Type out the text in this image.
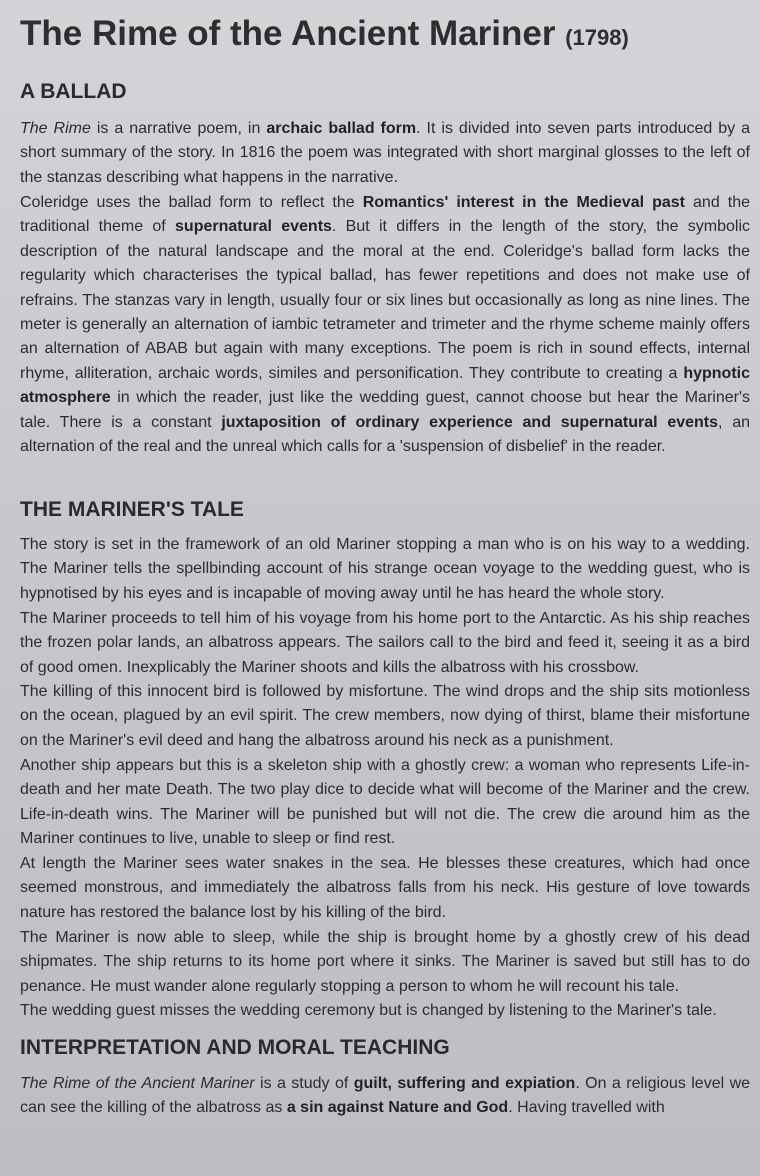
The Rime of the Ancient Mariner (1798)
A BALLAD
The Rime is a narrative poem, in archaic ballad form. It is divided into seven parts introduced by a short summary of the story. In 1816 the poem was integrated with short marginal glosses to the left of the stanzas describing what happens in the narrative.
Coleridge uses the ballad form to reflect the Romantics' interest in the Medieval past and the traditional theme of supernatural events. But it differs in the length of the story, the symbolic description of the natural landscape and the moral at the end. Coleridge's ballad form lacks the regularity which characterises the typical ballad, has fewer repetitions and does not make use of refrains. The stanzas vary in length, usually four or six lines but occasionally as long as nine lines. The meter is generally an alternation of iambic tetrameter and trimeter and the rhyme scheme mainly offers an alternation of ABAB but again with many exceptions. The poem is rich in sound effects, internal rhyme, alliteration, archaic words, similes and personification. They contribute to creating a hypnotic atmosphere in which the reader, just like the wedding guest, cannot choose but hear the Mariner's tale. There is a constant juxtaposition of ordinary experience and supernatural events, an alternation of the real and the unreal which calls for a 'suspension of disbelief' in the reader.
THE MARINER'S TALE
The story is set in the framework of an old Mariner stopping a man who is on his way to a wedding. The Mariner tells the spellbinding account of his strange ocean voyage to the wedding guest, who is hypnotised by his eyes and is incapable of moving away until he has heard the whole story.
The Mariner proceeds to tell him of his voyage from his home port to the Antarctic. As his ship reaches the frozen polar lands, an albatross appears. The sailors call to the bird and feed it, seeing it as a bird of good omen. Inexplicably the Mariner shoots and kills the albatross with his crossbow.
The killing of this innocent bird is followed by misfortune. The wind drops and the ship sits motionless on the ocean, plagued by an evil spirit. The crew members, now dying of thirst, blame their misfortune on the Mariner's evil deed and hang the albatross around his neck as a punishment.
Another ship appears but this is a skeleton ship with a ghostly crew: a woman who represents Life-in-death and her mate Death. The two play dice to decide what will become of the Mariner and the crew. Life-in-death wins. The Mariner will be punished but will not die. The crew die around him as the Mariner continues to live, unable to sleep or find rest.
At length the Mariner sees water snakes in the sea. He blesses these creatures, which had once seemed monstrous, and immediately the albatross falls from his neck. His gesture of love towards nature has restored the balance lost by his killing of the bird.
The Mariner is now able to sleep, while the ship is brought home by a ghostly crew of his dead shipmates. The ship returns to its home port where it sinks. The Mariner is saved but still has to do penance. He must wander alone regularly stopping a person to whom he will recount his tale.
The wedding guest misses the wedding ceremony but is changed by listening to the Mariner's tale.
INTERPRETATION AND MORAL TEACHING
The Rime of the Ancient Mariner is a study of guilt, suffering and expiation. On a religious level we can see the killing of the albatross as a sin against Nature and God. Having travelled with
